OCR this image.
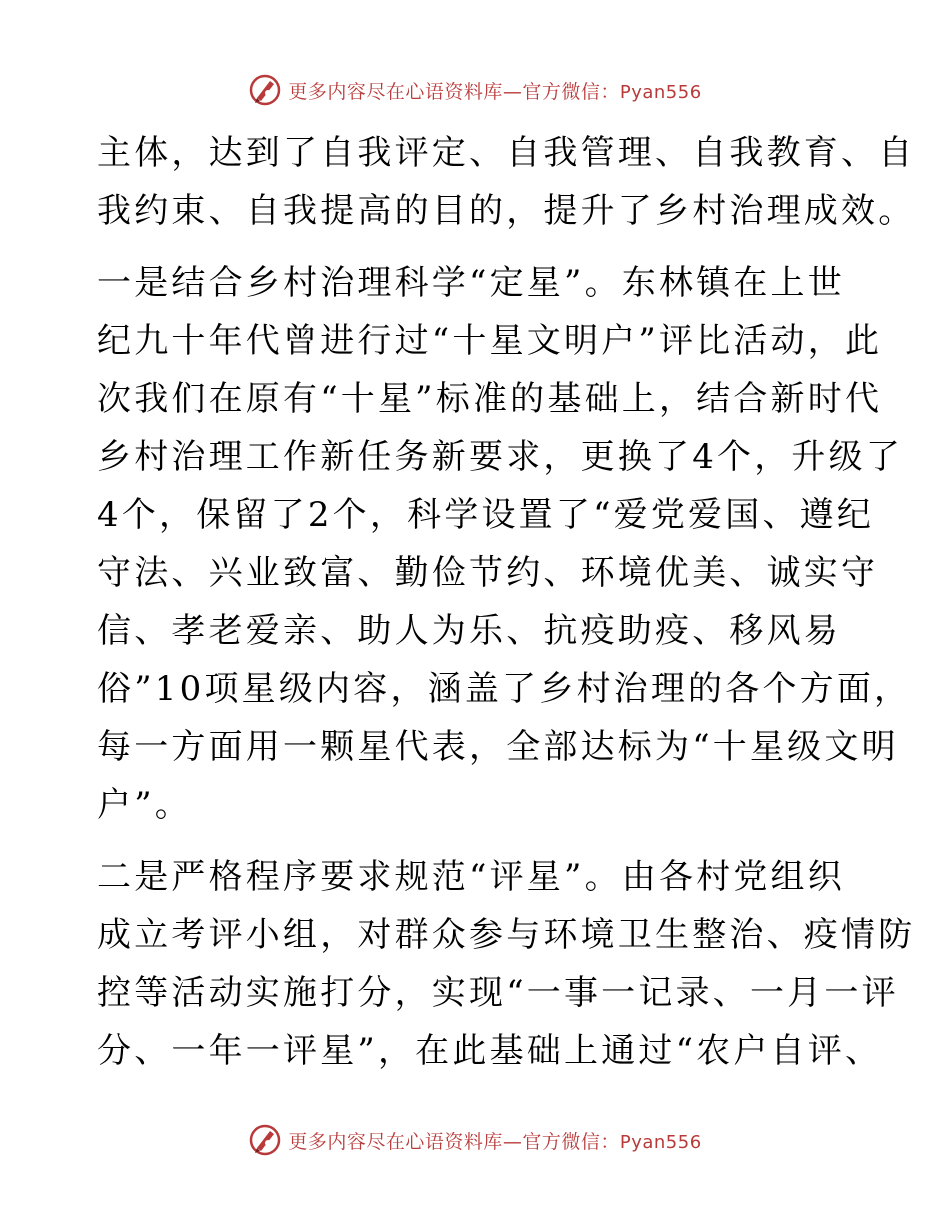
更多内容尽在心语资料库—官方微信：Pyan556
主体，达到了自我评定、自我管理、自我教育、自
我约束、自我提高的目的，提升了乡村治理成效。
一是结合乡村治理科学“定星”。东林镇在上世
纪九十年代曾进行过“十星文明户”评比活动，此
次我们在原有“十星”标准的基础上，结合新时代
乡村治理工作新任务新要求，更换了4个，升级了
4个，保留了2个，科学设置了“爱党爱国、遵纪
守法、兴业致富、勤俭节约、环境优美、诚实守
信、孝老爱亲、助人为乐、抗疫助疫、移风易
俗”10项星级内容，涵盖了乡村治理的各个方面，
每一方面用一颗星代表，全部达标为“十星级文明
户”。
二是严格程序要求规范“评星”。由各村党组织
成立考评小组，对群众参与环境卫生整治、疫情防
控等活动实施打分，实现“一事一记录、一月一评
分、一年一评星”，在此基础上通过“农户自评、
更多内容尽在心语资料库—官方微信：Pyan556
